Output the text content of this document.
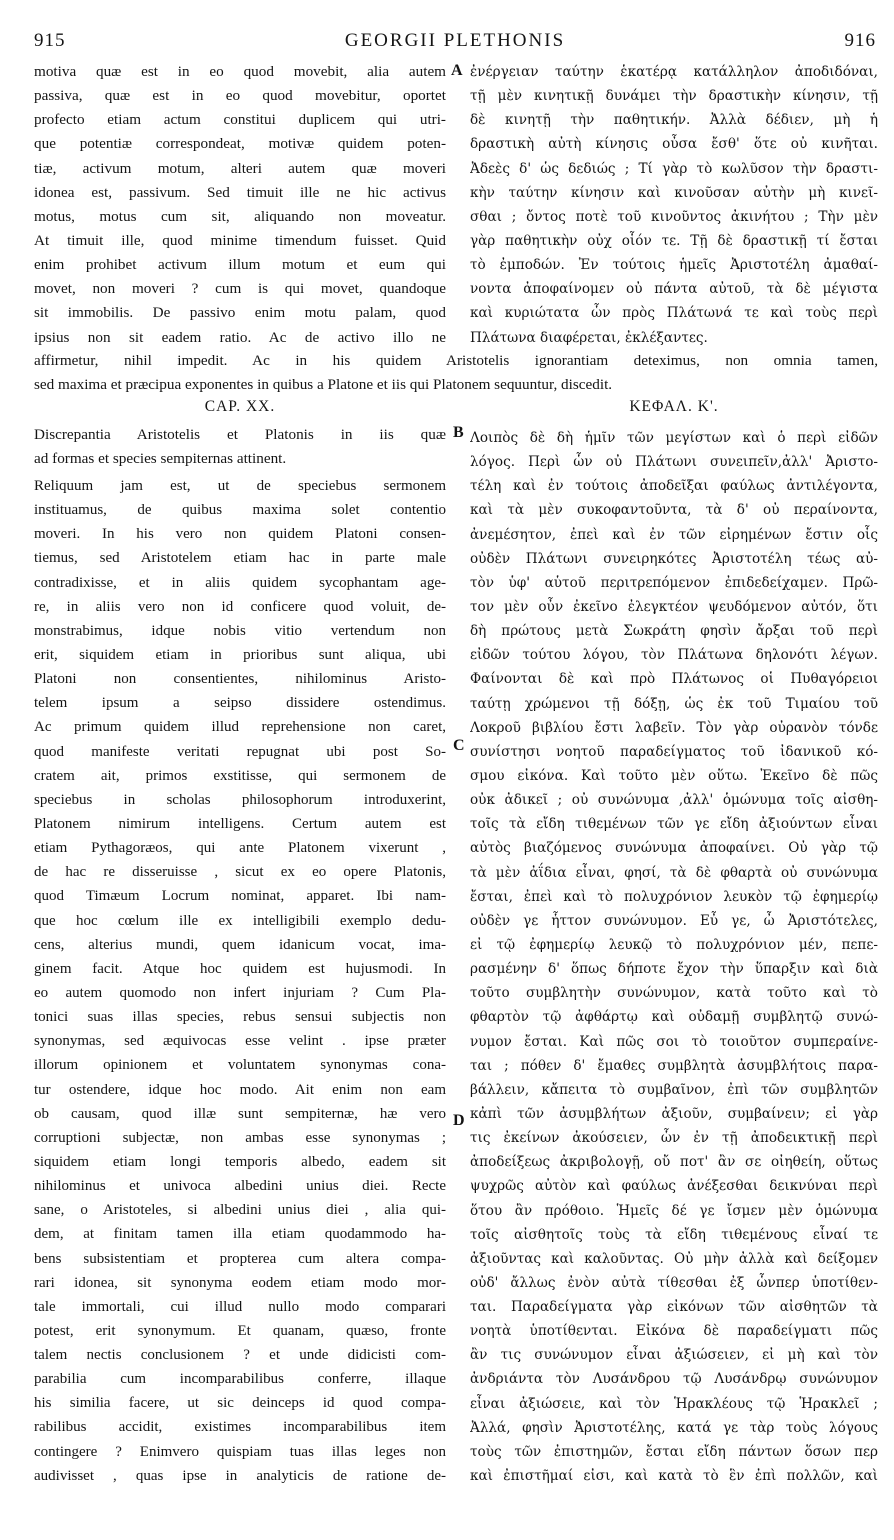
915	GEORGII PLETHONIS	916
A
B
C
D
motiva quæ est in eo quod movebit, alia autem
passiva, quæ est in eo quod movebitur, oportet
profecto etiam actum constitui duplicem qui utri-
que potentiæ correspondeat, motivæ quidem poten-
tiæ, activum motum, alteri autem quæ moveri
idonea est, passivum. Sed timuit ille ne hic activus
motus, motus cum sit, aliquando non moveatur.
At timuit ille, quod minime timendum fuisset. Quid
enim prohibet activum illum motum et eum qui
movet, non moveri ? cum is qui movet, quandoque
sit immobilis. De passivo enim motu palam, quod
ipsius non sit eadem ratio. Ac de activo illo ne
ἐνέργειαν ταύτην ἑκατέρᾳ κατάλληλον ἀποδιδόναι,
τῇ μὲν κινητικῇ δυνάμει τὴν δραστικὴν κίνησιν, τῇ
δὲ κινητῇ τὴν παθητικήν. Ἀλλὰ δέδιεν, μὴ ἡ
δραστικὴ αὐτὴ κίνησις οὖσα ἔσθ' ὅτε οὐ κινῆται.
Ἀδεὲς δ' ὡς δεδιώς ; Τί γὰρ τὸ κωλῦσον τὴν δραστι-
κὴν ταύτην κίνησιν καὶ κινοῦσαν αὐτὴν μὴ κινεῖ-
σθαι ; ὄντος ποτὲ τοῦ κινοῦντος ἀκινήτου ; Τὴν μὲν
γὰρ παθητικὴν οὐχ οἷόν τε. Τῇ δὲ δραστικῇ τί ἔσται
τὸ ἐμποδών. Ἐν τούτοις ἡμεῖς Ἀριστοτέλη ἀμαθαί-
νοντα ἀποφαίνομεν οὐ πάντα αὐτοῦ, τὰ δὲ μέγιστα
καὶ κυριώτατα ὧν πρὸς Πλάτωνά τε καὶ τοὺς περὶ
Πλάτωνα διαφέρεται, ἐκλέξαντες.
affirmetur, nihil impedit. Ac in his quidem Aristotelis ignorantiam deteximus, non omnia tamen,
sed maxima et præcipua exponentes in quibus a Platone et iis qui Platonem sequuntur, discedit.
CAP. XX.	ΚΕΦΑΛ. Κ'.
Discrepantia Aristotelis et Platonis in iis quæ
ad formas et species sempiternas attinent.
Reliquum jam est, ut de speciebus sermonem
instituamus, de quibus maxima solet contentio
moveri. In his vero non quidem Platoni consen-
tiemus, sed Aristotelem etiam hac in parte male
contradixisse, et in aliis quidem sycophantam age-
re, in aliis vero non id conficere quod voluit, de-
monstrabimus, idque nobis vitio vertendum non
erit, siquidem etiam in prioribus sunt aliqua, ubi
Platoni non consentientes, nihilominus Aristo-
telem ipsum a seipso dissidere ostendimus.
Ac primum quidem illud reprehensione non caret,
quod manifeste veritati repugnat ubi post So-
cratem ait, primos exstitisse, qui sermonem de
speciebus in scholas philosophorum introduxerint,
Platonem nimirum intelligens. Certum autem est
etiam Pythagoræos, qui ante Platonem vixerunt ,
de hac re disseruisse , sicut ex eo opere Platonis,
quod Timæum Locrum nominat, apparet. Ibi nam-
que hoc cœlum ille ex intelligibili exemplo dedu-
cens, alterius mundi, quem idanicum vocat, ima-
ginem facit. Atque hoc quidem est hujusmodi. In
eo autem quomodo non infert injuriam ? Cum Pla-
tonici suas illas species, rebus sensui subjectis non
synonymas, sed æquivocas esse velint . ipse præter
illorum opinionem et voluntatem synonymas cona-
tur ostendere, idque hoc modo. Ait enim non eam
ob causam, quod illæ sunt sempiternæ, hæ vero
corruptioni subjectæ, non ambas esse synonymas ;
siquidem etiam longi temporis albedo, eadem sit
nihilominus et univoca albedini unius diei. Recte
sane, o Aristoteles, si albedini unius diei , alia qui-
dem, at finitam tamen illa etiam quodammodo ha-
bens subsistentiam et propterea cum altera compa-
rari idonea, sit synonyma eodem etiam modo mor-
tale immortali, cui illud nullo modo comparari
potest, erit synonymum. Et quanam, quæso, fronte
talem nectis conclusionem ? et unde didicisti com-
parabilia cum incomparabilibus conferre, illaque
his similia facere, ut sic deinceps id quod compa-
rabilibus accidit, existimes incomparabilibus item
contingere ? Enimvero quispiam tuas illas leges non
audivisset , quas ipse in analyticis de ratione de-
Λοιπὸς δὲ δὴ ἡμῖν τῶν μεγίστων καὶ ὁ περὶ εἰδῶν
λόγος. Περὶ ὧν οὐ Πλάτωνι συνειπεῖν,ἀλλ' Ἀριστο-
τέλη καὶ ἐν τούτοις ἀποδεῖξαι φαύλως ἀντιλέγοντα,
καὶ τὰ μὲν συκοφαντοῦντα, τὰ δ' οὐ περαίνοντα,
ἀνεμέσητον, ἐπεὶ καὶ ἐν τῶν εἰρημένων ἔστιν οἷς
οὐδὲν Πλάτωνι συνειρηκότες Ἀριστοτέλη τέως αὐ-
τὸν ὑφ' αὑτοῦ περιτρεπόμενον ἐπιδεδείχαμεν. Πρῶ-
τον μὲν οὖν ἐκεῖνο ἐλεγκτέον ψευδόμενον αὐτόν, ὅτι
δὴ πρώτους μετὰ Σωκράτη φησὶν ἄρξαι τοῦ περὶ
εἰδῶν τούτου λόγου, τὸν Πλάτωνα δηλονότι λέγων.
Φαίνονται δὲ καὶ πρὸ Πλάτωνος οἱ Πυθαγόρειοι
ταύτῃ χρώμενοι τῇ δόξῃ, ὡς ἐκ τοῦ Τιμαίου τοῦ
Λοκροῦ βιβλίου ἔστι λαβεῖν. Τὸν γὰρ οὐρανὸν τόνδε
συνίστησι νοητοῦ παραδείγματος τοῦ ἰδανικοῦ κό-
σμου εἰκόνα. Καὶ τοῦτο μὲν οὕτω. Ἐκεῖνο δὲ πῶς
οὐκ ἀδικεῖ ; οὐ συνώνυμα ,ἀλλ' ὁμώνυμα τοῖς αἰσθη-
τοῖς τὰ εἴδη τιθεμένων τῶν γε εἴδη ἀξιούντων εἶναι
αὐτὸς βιαζόμενος συνώνυμα ἀποφαίνει. Οὐ γὰρ τῷ
τὰ μὲν ἀΐδια εἶναι, φησί, τὰ δὲ φθαρτὰ οὐ συνώνυμα
ἔσται, ἐπεὶ καὶ τὸ πολυχρόνιον λευκὸν τῷ ἐφημερίῳ
οὐδὲν γε ἧττον συνώνυμον. Εὖ γε, ὦ Ἀριστότελες,
εἰ τῷ ἐφημερίῳ λευκῷ τὸ πολυχρόνιον μέν, πεπε-
ρασμένην δ' ὅπως δήποτε ἔχον τὴν ὕπαρξιν καὶ διὰ
τοῦτο συμβλητὴν συνώνυμον, κατὰ τοῦτο καὶ τὸ
φθαρτὸν τῷ ἀφθάρτῳ καὶ οὐδαμῇ συμβλητῷ συνώ-
νυμον ἔσται. Καὶ πῶς σοι τὸ τοιοῦτον συμπεραίνε-
ται ; πόθεν δ' ἔμαθες συμβλητὰ ἀσυμβλήτοις παρα-
βάλλειν, κἄπειτα τὸ συμβαῖνον, ἐπὶ τῶν συμβλητῶν
κἀπὶ τῶν ἀσυμβλήτων ἀξιοῦν, συμβαίνειν; εἰ γὰρ
τις ἐκείνων ἀκούσειεν, ὧν ἐν τῇ ἀποδεικτικῇ περὶ
ἀποδείξεως ἀκριβολογῇ, οὔ ποτ' ἂν σε οἰηθείη, οὕτως
ψυχρῶς αὐτὸν καὶ φαύλως ἀνέξεσθαι δεικνύναι περὶ
ὅτου ἂν πρόθοιο. Ἡμεῖς δέ γε ἴσμεν μὲν ὁμώνυμα
τοῖς αἰσθητοῖς τοὺς τὰ εἴδη τιθεμένους εἶναί τε
ἀξιοῦντας καὶ καλοῦντας. Οὐ μὴν ἀλλὰ καὶ δείξομεν
οὐδ' ἄλλως ἐνὸν αὐτὰ τίθεσθαι ἐξ ὧνπερ ὑποτίθεν-
ται. Παραδείγματα γὰρ εἰκόνων τῶν αἰσθητῶν τὰ
νοητὰ ὑποτίθενται. Εἰκόνα δὲ παραδείγματι πῶς
ἂν τις συνώνυμον εἶναι ἀξιώσειεν, εἰ μὴ καὶ τὸν
ἀνδριάντα τὸν Λυσάνδρου τῷ Λυσάνδρῳ συνώνυμον
εἶναι ἀξιώσειε, καὶ τὸν Ἡρακλέους τῷ Ἡρακλεῖ ;
Ἀλλά, φησὶν Ἀριστοτέλης, κατά γε τὰρ τοὺς λόγους
τοὺς τῶν ἐπιστημῶν, ἔσται εἴδη πάντων ὅσων περ
καὶ ἐπιστῆμαί εἰσι, καὶ κατὰ τὸ ἓν ἐπὶ πολλῶν, καὶ
